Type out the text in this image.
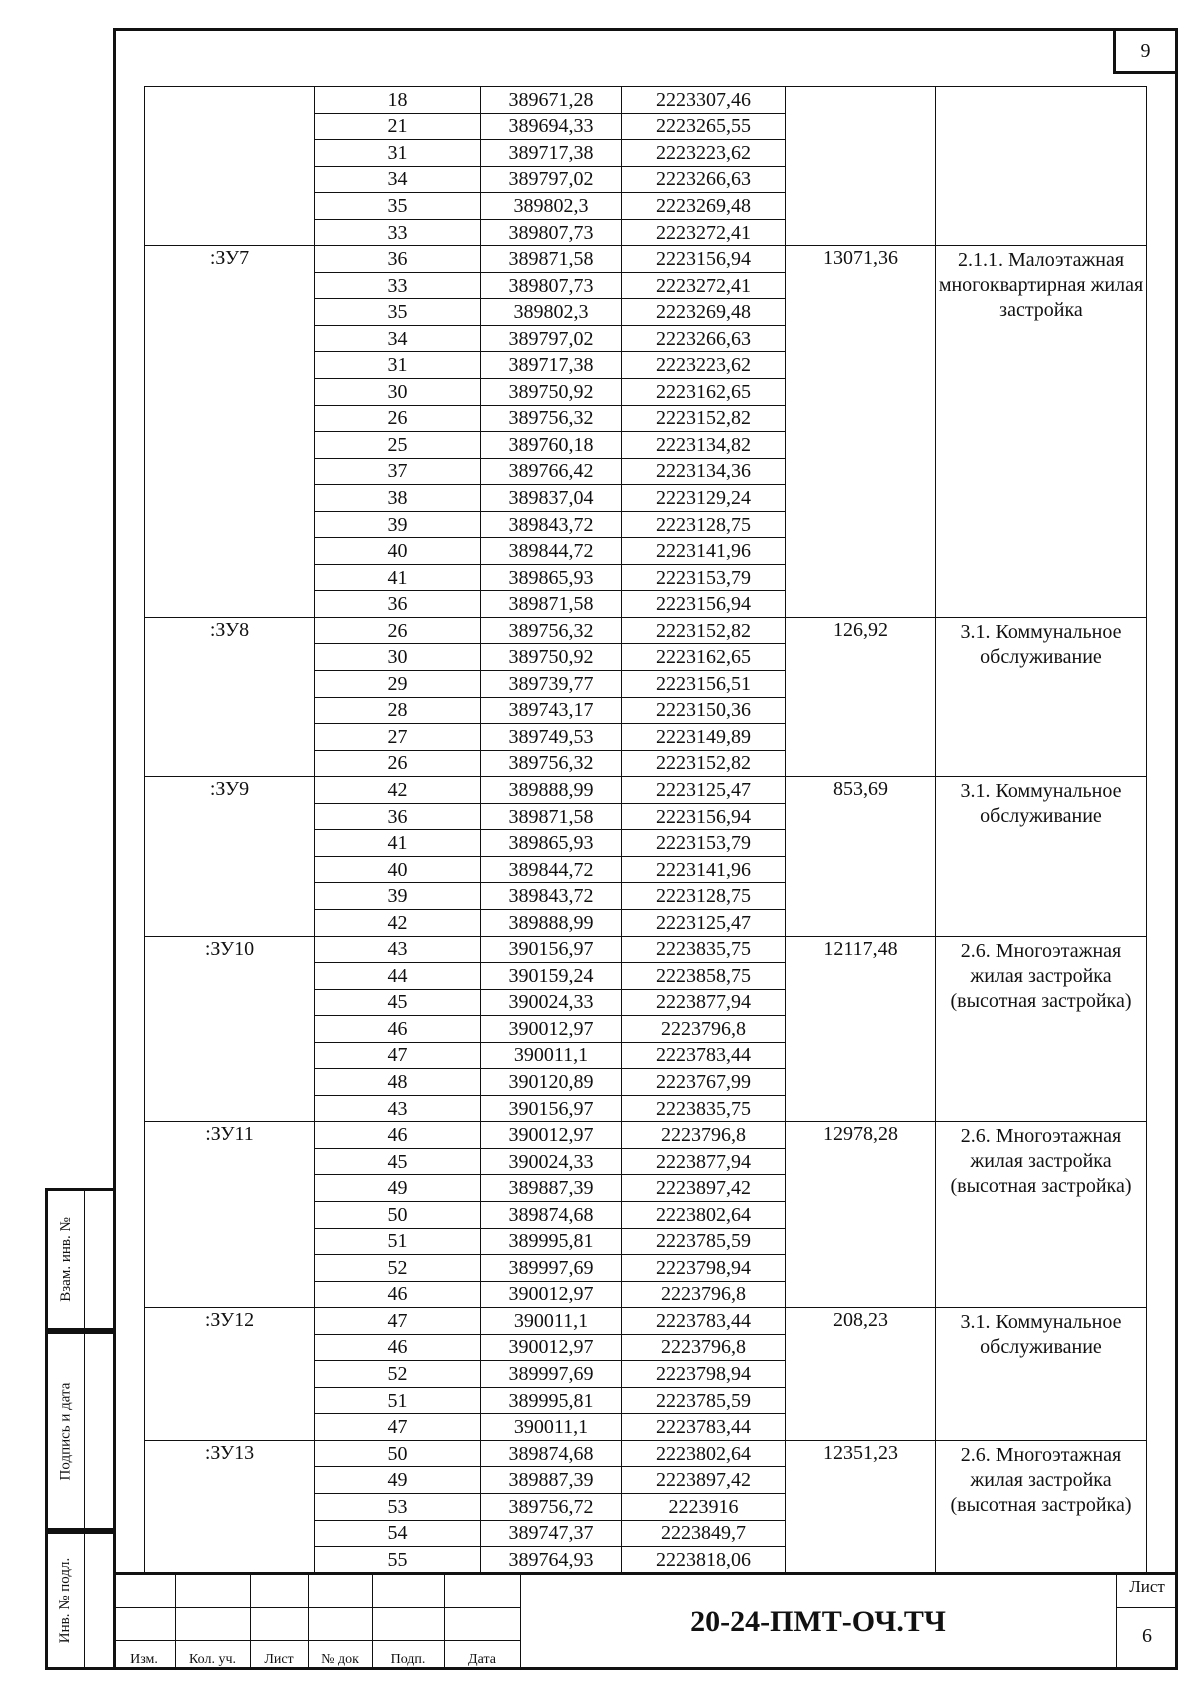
9
Взам. инв. №
Подпись и дата
Инв. № подл.
	18	389671,28	2223307,46		
	21	389694,33	2223265,55		
	31	389717,38	2223223,62		
	34	389797,02	2223266,63		
	35	389802,3	2223269,48		
	33	389807,73	2223272,41		
:ЗУ7	36	389871,58	2223156,94	13071,36	2.1.1. Малоэтажная многоквартирная жилая застройка
	33	389807,73	2223272,41		
	35	389802,3	2223269,48		
	34	389797,02	2223266,63		
	31	389717,38	2223223,62		
	30	389750,92	2223162,65		
	26	389756,32	2223152,82		
	25	389760,18	2223134,82		
	37	389766,42	2223134,36		
	38	389837,04	2223129,24		
	39	389843,72	2223128,75		
	40	389844,72	2223141,96		
	41	389865,93	2223153,79		
	36	389871,58	2223156,94		
:ЗУ8	26	389756,32	2223152,82	126,92	3.1. Коммунальное обслуживание
	30	389750,92	2223162,65		
	29	389739,77	2223156,51		
	28	389743,17	2223150,36		
	27	389749,53	2223149,89		
	26	389756,32	2223152,82		
:ЗУ9	42	389888,99	2223125,47	853,69	3.1. Коммунальное обслуживание
	36	389871,58	2223156,94		
	41	389865,93	2223153,79		
	40	389844,72	2223141,96		
	39	389843,72	2223128,75		
	42	389888,99	2223125,47		
:ЗУ10	43	390156,97	2223835,75	12117,48	2.6. Многоэтажная жилая застройка (высотная застройка)
	44	390159,24	2223858,75		
	45	390024,33	2223877,94		
	46	390012,97	2223796,8		
	47	390011,1	2223783,44		
	48	390120,89	2223767,99		
	43	390156,97	2223835,75		
:ЗУ11	46	390012,97	2223796,8	12978,28	2.6. Многоэтажная жилая застройка (высотная застройка)
	45	390024,33	2223877,94		
	49	389887,39	2223897,42		
	50	389874,68	2223802,64		
	51	389995,81	2223785,59		
	52	389997,69	2223798,94		
	46	390012,97	2223796,8		
:ЗУ12	47	390011,1	2223783,44	208,23	3.1. Коммунальное обслуживание
	46	390012,97	2223796,8		
	52	389997,69	2223798,94		
	51	389995,81	2223785,59		
	47	390011,1	2223783,44		
:ЗУ13	50	389874,68	2223802,64	12351,23	2.6. Многоэтажная жилая застройка (высотная застройка)
	49	389887,39	2223897,42		
	53	389756,72	2223916		
	54	389747,37	2223849,7		
	55	389764,93	2223818,06		
Изм.	Кол. уч.	Лист	№ док	Подп.	Дата
20-24-ПМТ-ОЧ.ТЧ
Лист
6
